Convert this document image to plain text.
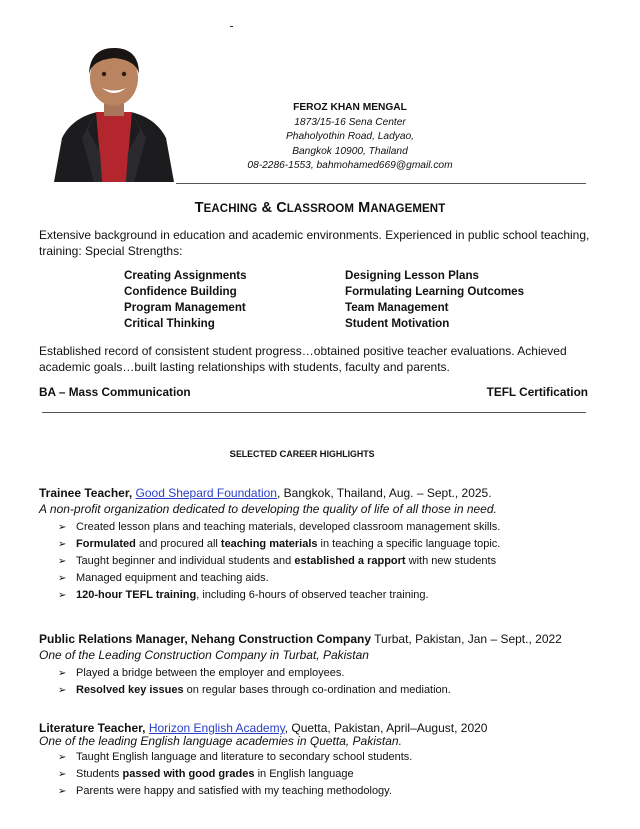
FEROZ KHAN MENGAL
1873/15-16 Sena Center
Phaholyothin Road, Ladyao,
Bangkok 10900, Thailand
08-2286-1553, bahmohamed669@gmail.com
TEACHING & CLASSROOM MANAGEMENT
Extensive background in education and academic environments. Experienced in public school teaching, training: Special Strengths:
Creating Assignments	Designing Lesson Plans
Confidence Building	Formulating Learning Outcomes
Program Management	Team Management
Critical Thinking	Student Motivation
Established record of consistent student progress…obtained positive teacher evaluations. Achieved academic goals…built lasting relationships with students, faculty and parents.
BA – Mass Communication	TEFL Certification
SELECTED CAREER HIGHLIGHTS
Trainee Teacher, Good Shepard Foundation, Bangkok, Thailand, Aug. – Sept., 2025.
A non-profit organization dedicated to developing the quality of life of all those in need.
➢ Created lesson plans and teaching materials, developed classroom management skills.
➢ Formulated and procured all teaching materials in teaching a specific language topic.
➢ Taught beginner and individual students and established a rapport with new students
➢ Managed equipment and teaching aids.
➢ 120-hour TEFL training, including 6-hours of observed teacher training.
Public Relations Manager, Nehang Construction Company Turbat, Pakistan, Jan – Sept., 2022
One of the Leading Construction Company in Turbat, Pakistan
➢ Played a bridge between the employer and employees.
➢ Resolved key issues on regular bases through co-ordination and mediation.
Literature Teacher, Horizon English Academy, Quetta, Pakistan, April–August, 2020
One of the leading English language academies in Quetta, Pakistan.
➢ Taught English language and literature to secondary school students.
➢ Students passed with good grades in English language
➢ Parents were happy and satisfied with my teaching methodology.
